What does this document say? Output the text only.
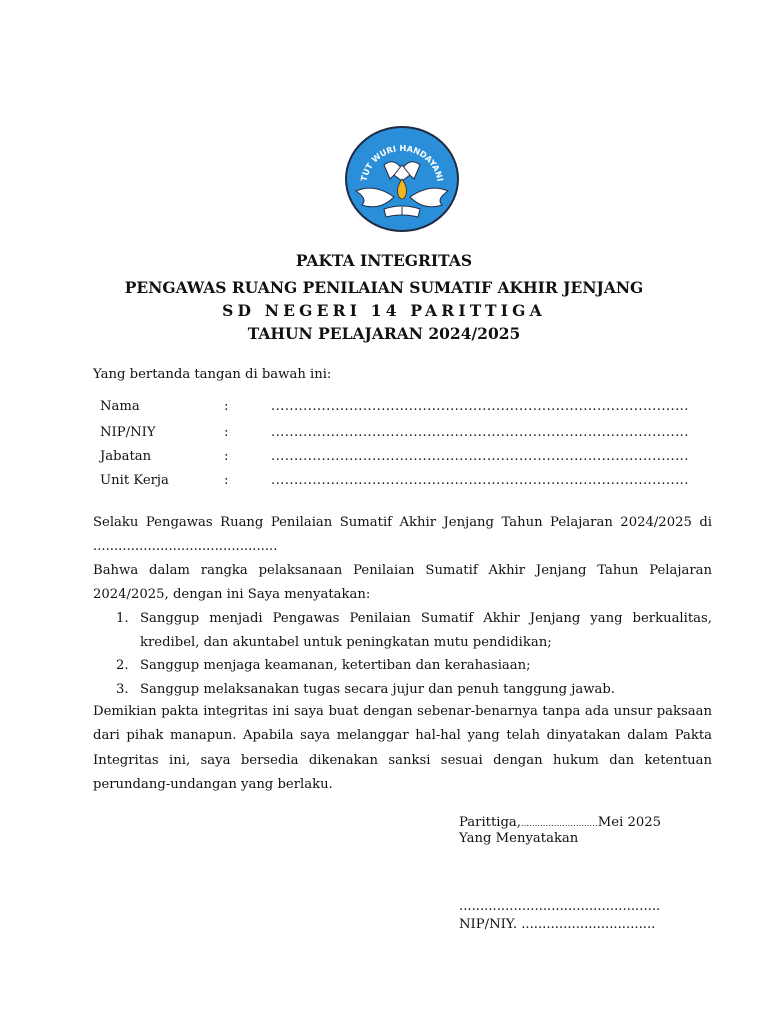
TUT WURI HANDAYANI
PAKTA INTEGRITAS
PENGAWAS RUANG PENILAIAN SUMATIF AKHIR JENJANG
SD NEGERI 14 PARITTIGA
TAHUN PELAJARAN 2024/2025
Yang bertanda tangan di bawah ini:
Nama	:	...........................................................................................
NIP/NIY	:	...........................................................................................
Jabatan	:	...........................................................................................
Unit Kerja	:	...........................................................................................
Selaku Pengawas Ruang Penilaian Sumatif Akhir Jenjang Tahun Pelajaran 2024/2025 di ............................................
Bahwa dalam rangka pelaksanaan Penilaian Sumatif Akhir Jenjang Tahun Pelajaran 2024/2025, dengan ini Saya menyatakan:
1. Sanggup menjadi Pengawas Penilaian Sumatif Akhir Jenjang yang berkualitas, kredibel, dan akuntabel untuk peningkatan mutu pendidikan;
2. Sanggup menjaga keamanan, ketertiban dan kerahasiaan;
3. Sanggup melaksanakan tugas secara jujur dan penuh tanggung jawab.
Demikian pakta integritas ini saya buat dengan sebenar-benarnya tanpa ada unsur paksaan dari pihak manapun. Apabila saya melanggar hal-hal yang telah dinyatakan dalam Pakta Integritas ini, saya bersedia dikenakan sanksi sesuai dengan hukum dan ketentuan perundang-undangan yang berlaku.
Parittiga,............................Mei 2025
Yang Menyatakan
................................................
NIP/NIY. ................................
